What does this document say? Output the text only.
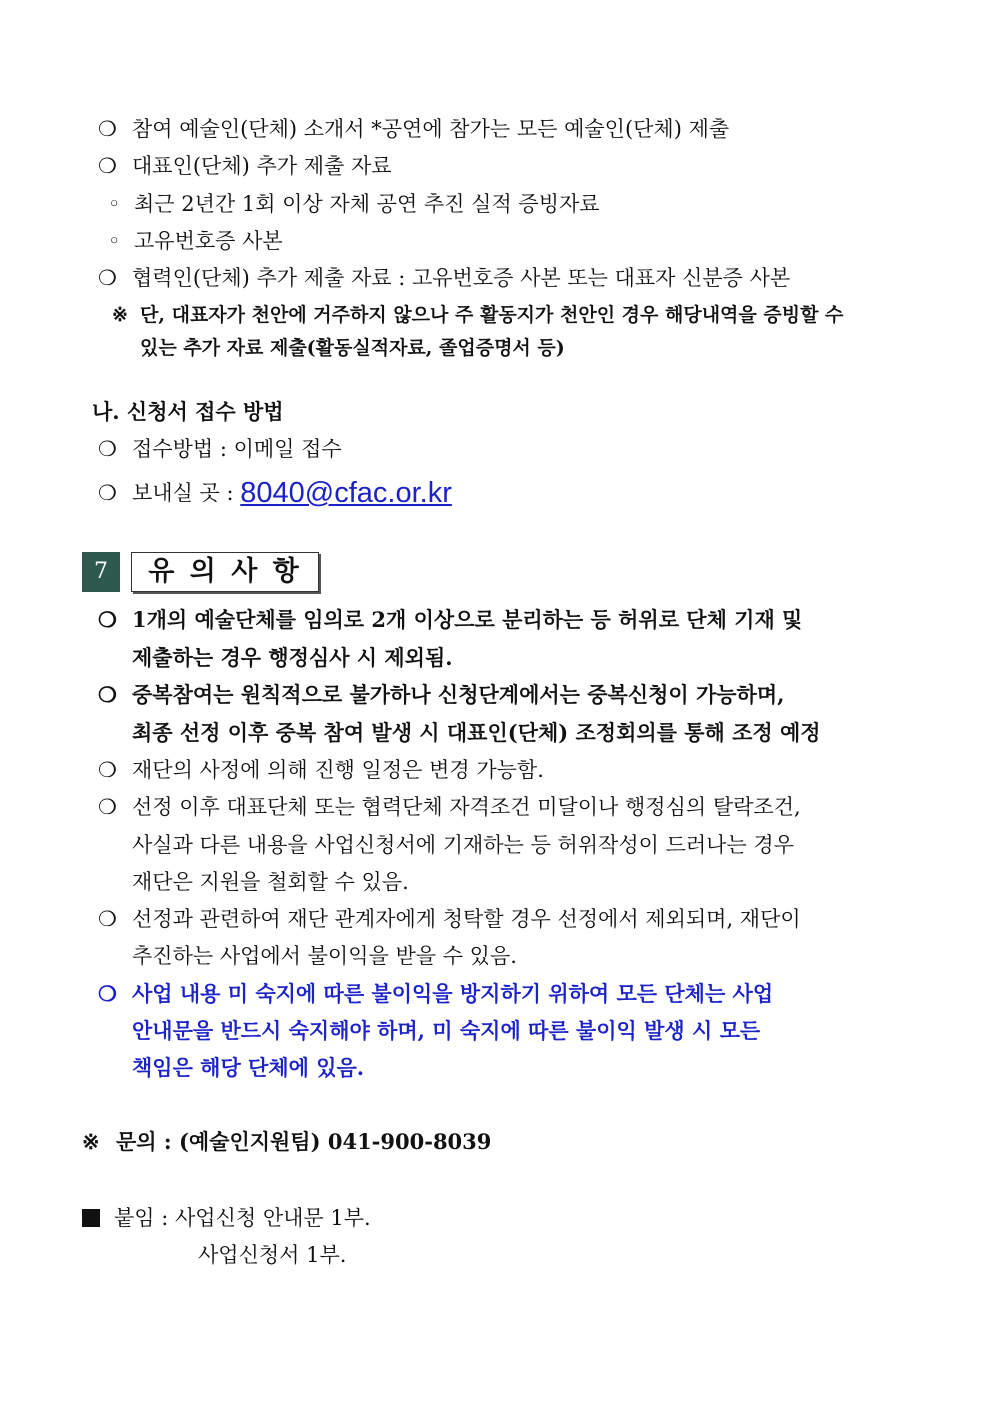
❍ 참여 예술인(단체) 소개서 *공연에 참가는 모든 예술인(단체) 제출
❍ 대표인(단체) 추가 제출 자료
◦ 최근 2년간 1회 이상 자체 공연 추진 실적 증빙자료
◦ 고유번호증 사본
❍ 협력인(단체) 추가 제출 자료 : 고유번호증 사본 또는 대표자 신분증 사본
※ 단, 대표자가 천안에 거주하지 않으나 주 활동지가 천안인 경우 해당내역을 증빙할 수
있는 추가 자료 제출(활동실적자료, 졸업증명서 등)
나. 신청서 접수 방법
❍ 접수방법 : 이메일 접수
❍ 보내실 곳 : 8040@cfac.or.kr
7	유 의 사 항
❍ 1개의 예술단체를 임의로 2개 이상으로 분리하는 등 허위로 단체 기재 및
제출하는 경우 행정심사 시 제외됨.
❍ 중복참여는 원칙적으로 불가하나 신청단계에서는 중복신청이 가능하며,
최종 선정 이후 중복 참여 발생 시 대표인(단체) 조정회의를 통해 조정 예정
❍ 재단의 사정에 의해 진행 일정은 변경 가능함.
❍ 선정 이후 대표단체 또는 협력단체 자격조건 미달이나 행정심의 탈락조건,
사실과 다른 내용을 사업신청서에 기재하는 등 허위작성이 드러나는 경우
재단은 지원을 철회할 수 있음.
❍ 선정과 관련하여 재단 관계자에게 청탁할 경우 선정에서 제외되며, 재단이
추진하는 사업에서 불이익을 받을 수 있음.
❍ 사업 내용 미 숙지에 따른 불이익을 방지하기 위하여 모든 단체는 사업
안내문을 반드시 숙지해야 하며, 미 숙지에 따른 불이익 발생 시 모든
책임은 해당 단체에 있음.
※ 문의 : (예술인지원팀) 041-900-8039
붙임 : 사업신청 안내문 1부.
사업신청서 1부.
